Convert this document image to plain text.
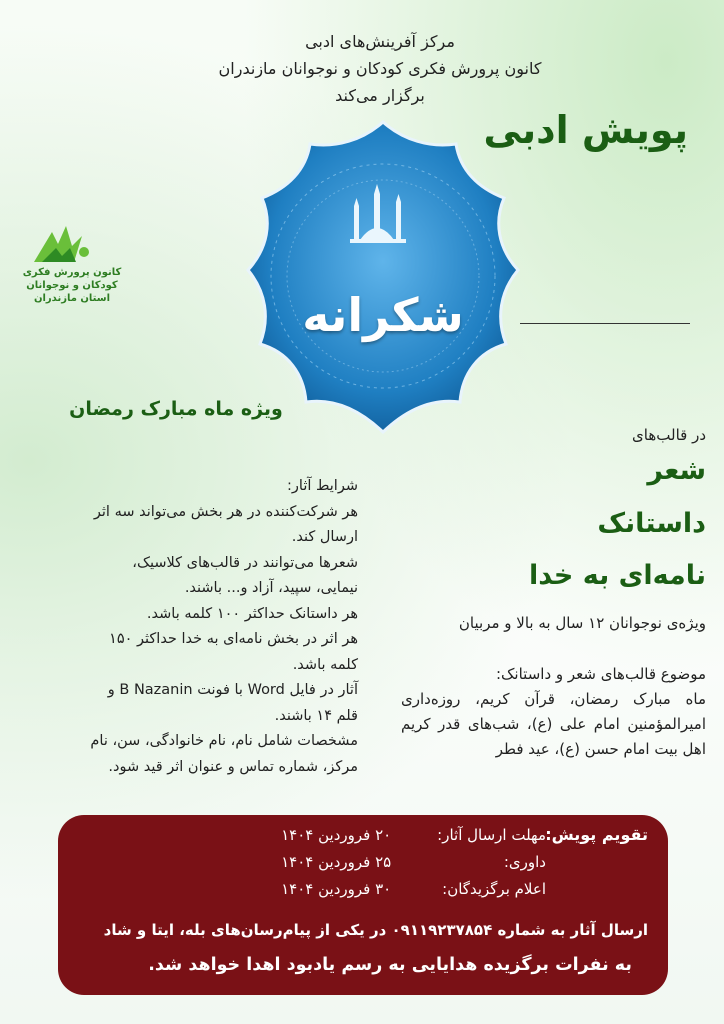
مرکز آفرینش‌های ادبی
کانون پرورش فکری کودکان و نوجوانان مازندران
برگزار می‌کند
پویش ادبی
کانون پرورش فکری
کودکان و نوجوانان
استان مازندران	شکرانه
ویژه ماه مبارک رمضان
در قالب‌های
شعر
داستانک
نامه‌ای به خدا
ویژه‌ی نوجوانان ۱۲ سال به بالا و مربیان
موضوع قالب‌های شعر و داستانک:
ماه مبارک رمضان، قرآن کریم، روزه‌داری امیرالمؤمنین امام علی (ع)، شب‌های قدر کریم اهل بیت امام حسن (ع)، عید فطر
شرایط آثار:
هر شرکت‌کننده در هر بخش می‌تواند سه اثر
ارسال کند.
شعرها می‌توانند در قالب‌های کلاسیک،
نیمایی، سپید، آزاد و... باشند.
هر داستانک حداکثر ۱۰۰ کلمه باشد.
هر اثر در بخش نامه‌ای به خدا حداکثر ۱۵۰
کلمه باشد.
آثار در فایل Word با فونت B Nazanin و
قلم ۱۴ باشند.
مشخصات شامل نام، نام خانوادگی، سن، نام
مرکز، شماره تماس و عنوان اثر قید شود.
تقویم پویش:
مهلت ارسال آثار: ۲۰ فروردین ۱۴۰۴
داوری: ۲۵ فروردین ۱۴۰۴
اعلام برگزیدگان: ۳۰ فروردین ۱۴۰۴
ارسال آثار به شماره ۰۹۱۱۹۲۳۷۸۵۴ در یکی از پیام‌رسان‌های بله، ایتا و شاد
به نفرات برگزیده هدایایی به رسم یادبود اهدا خواهد شد.
